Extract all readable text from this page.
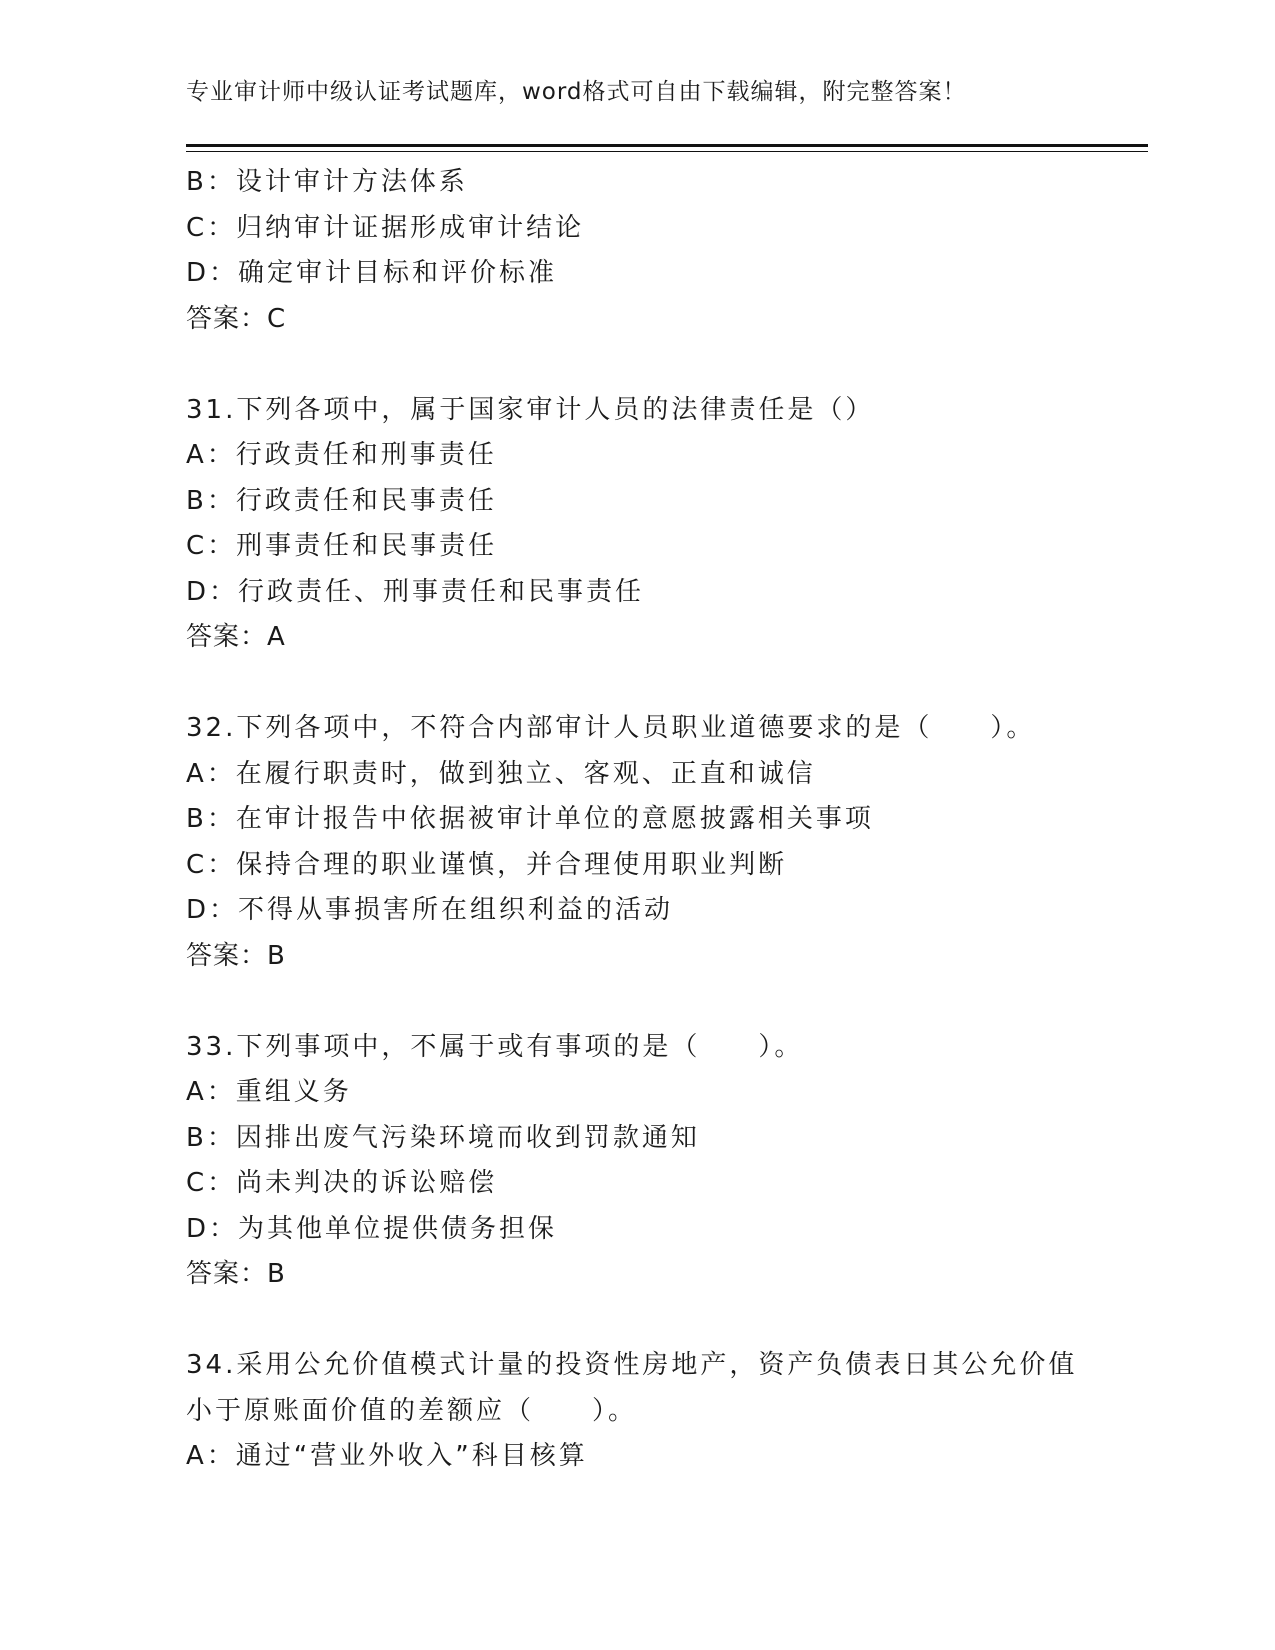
专业审计师中级认证考试题库，word格式可自由下载编辑，附完整答案！
B：设计审计方法体系
C：归纳审计证据形成审计结论
D：确定审计目标和评价标准
答案：C
31.下列各项中，属于国家审计人员的法律责任是（）
A：行政责任和刑事责任
B：行政责任和民事责任
C：刑事责任和民事责任
D：行政责任、刑事责任和民事责任
答案：A
32.下列各项中，不符合内部审计人员职业道德要求的是（　　）。
A：在履行职责时，做到独立、客观、正直和诚信
B：在审计报告中依据被审计单位的意愿披露相关事项
C：保持合理的职业谨慎，并合理使用职业判断
D：不得从事损害所在组织利益的活动
答案：B
33.下列事项中，不属于或有事项的是（　　）。
A：重组义务
B：因排出废气污染环境而收到罚款通知
C：尚未判决的诉讼赔偿
D：为其他单位提供债务担保
答案：B
34.采用公允价值模式计量的投资性房地产，资产负债表日其公允价值
小于原账面价值的差额应（　　）。
A：通过“营业外收入”科目核算
